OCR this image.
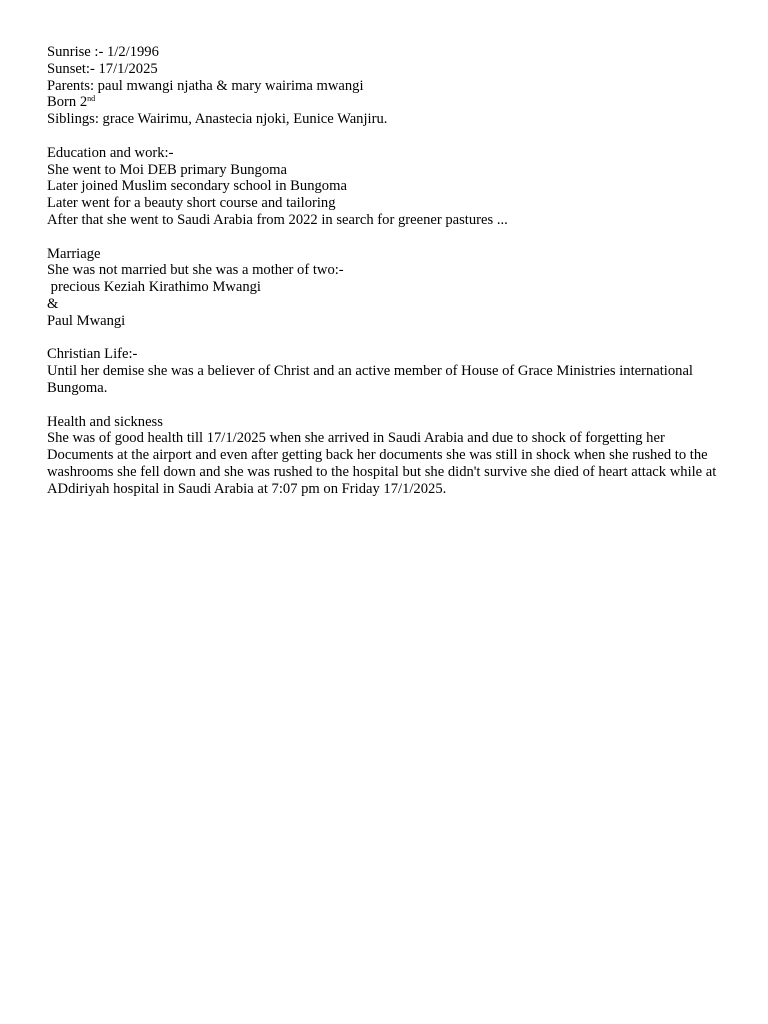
Sunrise :- 1/2/1996
Sunset:- 17/1/2025
Parents: paul mwangi njatha & mary wairima mwangi
Born 2nd
Siblings: grace Wairimu, Anastecia njoki, Eunice Wanjiru.
Education and work:-
She went to Moi DEB primary Bungoma
Later joined Muslim secondary school in Bungoma
Later went for a beauty short course and tailoring
After that she went to Saudi Arabia from 2022 in search for greener pastures ...
Marriage
She was not married but she was a mother of two:-
precious Keziah Kirathimo Mwangi
&
Paul Mwangi
Christian Life:-
Until her demise she was a believer of Christ and an active member of House of Grace Ministries international Bungoma.
Health and sickness
She was of good health till 17/1/2025 when she arrived in Saudi Arabia and due to shock of forgetting her Documents at the airport and even after getting back her documents she was still in shock when she rushed to the washrooms she fell down and she was rushed to the hospital but she didn't survive she died of heart attack while at ADdiriyah hospital in Saudi Arabia at 7:07 pm on Friday 17/1/2025.
